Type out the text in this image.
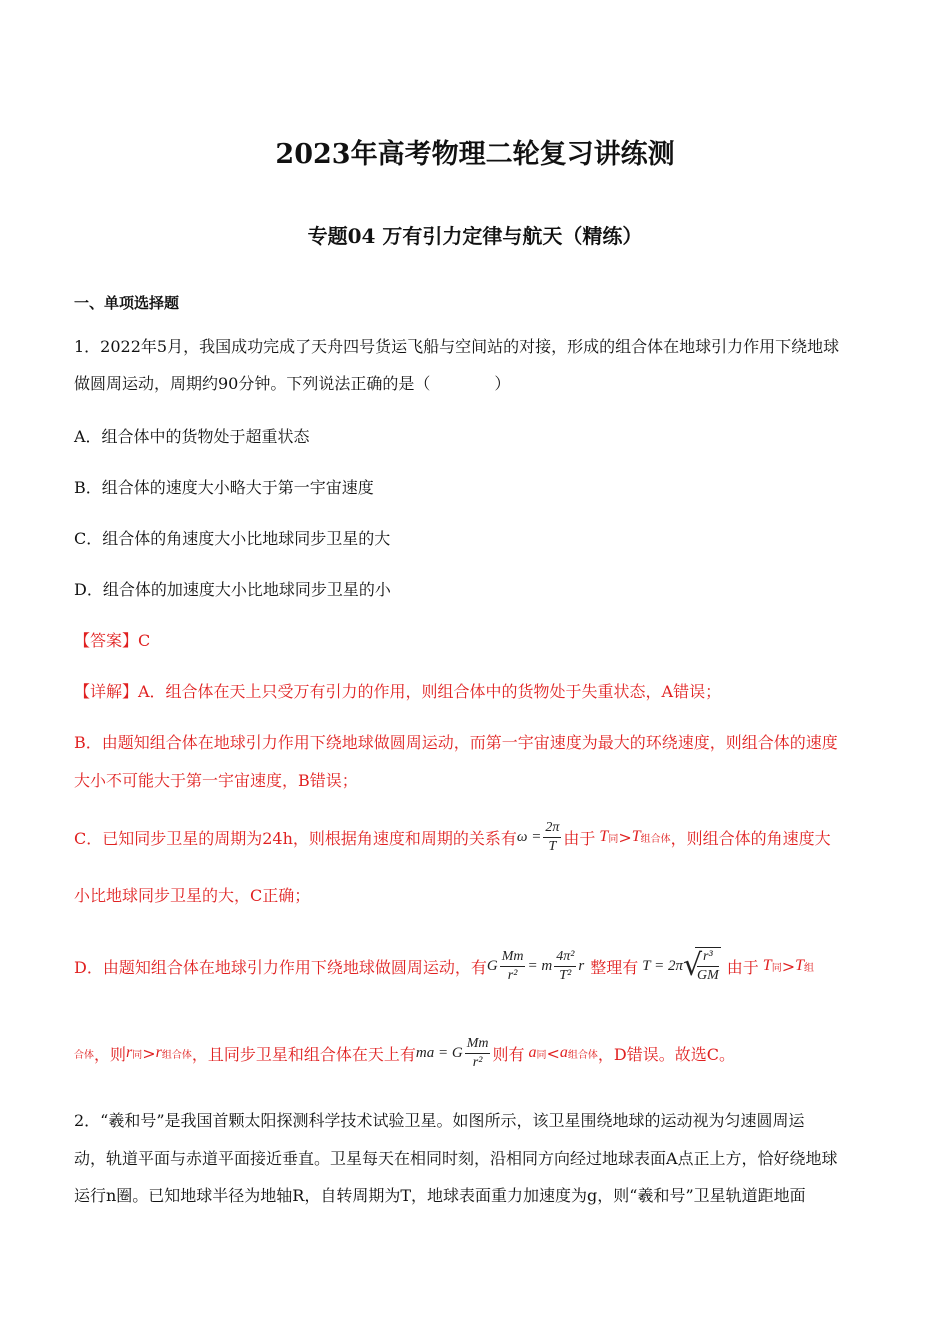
2023年高考物理二轮复习讲练测
专题04 万有引力定律与航天（精练）
一、单项选择题
1．2022年5月，我国成功完成了天舟四号货运飞船与空间站的对接，形成的组合体在地球引力作用下绕地球
做圆周运动，周期约90分钟。下列说法正确的是（　　　　）
A．组合体中的货物处于超重状态
B．组合体的速度大小略大于第一宇宙速度
C．组合体的角速度大小比地球同步卫星的大
D．组合体的加速度大小比地球同步卫星的小
【答案】C
【详解】A．组合体在天上只受万有引力的作用，则组合体中的货物处于失重状态，A错误；
B．由题知组合体在地球引力作用下绕地球做圆周运动，而第一宇宙速度为最大的环绕速度，则组合体的速度
大小不可能大于第一宇宙速度，B错误；
C．已知同步卫星的周期为24h，则根据角速度和周期的关系有 $\omega = \frac{2\pi}{T}$ 由于 T 同 > T 组合体 ，则组合体的角速度大
小比地球同步卫星的大，C正确；
D．由题知组合体在地球引力作用下绕地球做圆周运动，有 G $\frac{Mm}{\text{r²}} = m \frac{\text{4π²}}{\text{T²}}$ r 整理有 T = 2π √
$\frac{\text{r³}}{GM}$ 由于 T 同 > T 组
合体 ，则 r 同 > r 组合体 ，且同步卫星和组合体在天上有 ma = G $\frac{Mm}{\text{r²}}$ 则有 a 同 < a 组合体 ，D错误。故选C。
2．“羲和号”是我国首颗太阳探测科学技术试验卫星。如图所示，该卫星围绕地球的运动视为匀速圆周运
动，轨道平面与赤道平面接近垂直。卫星每天在相同时刻，沿相同方向经过地球表面A点正上方，恰好绕地球
运行n圈。已知地球半径为地轴R，自转周期为T，地球表面重力加速度为g，则“羲和号”卫星轨道距地面
